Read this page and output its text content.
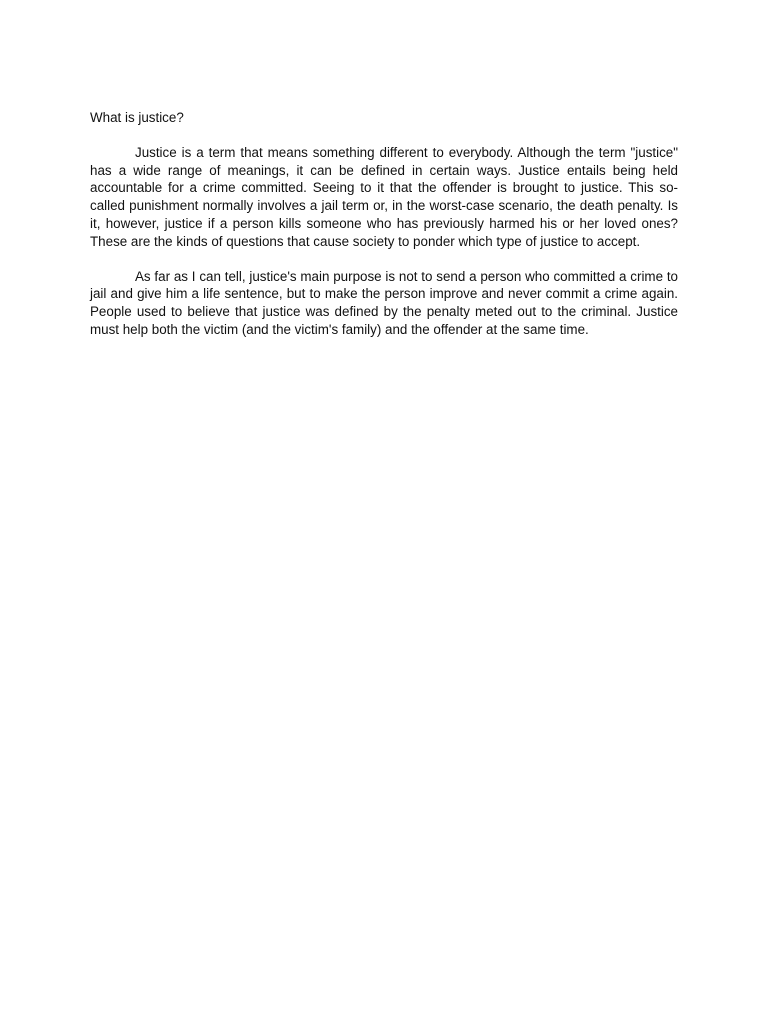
What is justice?

Justice is a term that means something different to everybody. Although the term "justice" has a wide range of meanings, it can be defined in certain ways. Justice entails being held accountable for a crime committed. Seeing to it that the offender is brought to justice. This so-called punishment normally involves a jail term or, in the worst-case scenario, the death penalty. Is it, however, justice if a person kills someone who has previously harmed his or her loved ones? These are the kinds of questions that cause society to ponder which type of justice to accept.

As far as I can tell, justice's main purpose is not to send a person who committed a crime to jail and give him a life sentence, but to make the person improve and never commit a crime again. People used to believe that justice was defined by the penalty meted out to the criminal. Justice must help both the victim (and the victim's family) and the offender at the same time.
